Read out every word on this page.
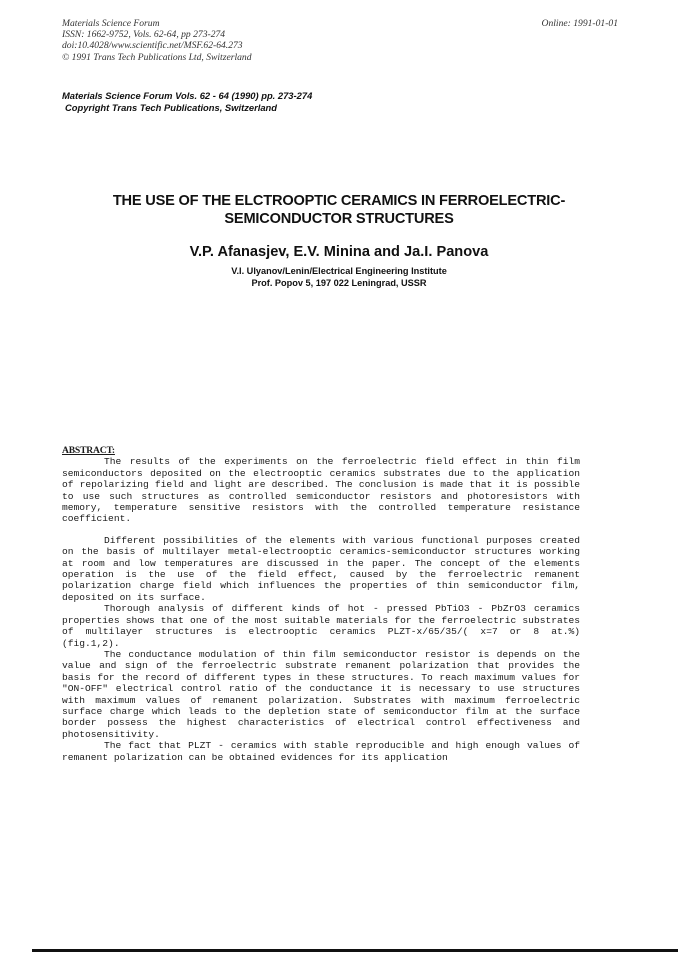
Materials Science Forum
ISSN: 1662-9752, Vols. 62-64, pp 273-274
doi:10.4028/www.scientific.net/MSF.62-64.273
© 1991 Trans Tech Publications Ltd, Switzerland
Online: 1991-01-01
Materials Science Forum Vols. 62 - 64 (1990) pp. 273-274
Copyright Trans Tech Publications, Switzerland
THE USE OF THE ELCTROOPTIC CERAMICS IN FERROELECTRIC-
SEMICONDUCTOR STRUCTURES
V.P. Afanasjev, E.V. Minina and Ja.I. Panova
V.I. Ulyanov/Lenin/Electrical Engineering Institute
Prof. Popov 5, 197 022 Leningrad, USSR
ABSTRACT:

The results of the experiments on the ferroelectric field effect in thin film semiconductors deposited on the electrooptic ceramics substrates due to the application of repolarizing field and light are described. The conclusion is made that it is possible to use such structures as controlled semiconductor resistors and photoresistors with memory, temperature sensitive resistors with the controlled temperature resistance coefficient.

Different possibilities of the elements with various functional purposes created on the basis of multilayer metal-electrooptic ceramics-semiconductor structures working at room and low temperatures are discussed in the paper. The concept of the elements operation is the use of the field effect, caused by the ferroelectric remanent polarization charge field which influences the properties of thin semiconductor film, deposited on its surface.

Thorough analysis of different kinds of hot - pressed PbTiO3 - PbZrO3 ceramics properties shows that one of the most suitable materials for the ferroelectric substrates of multilayer structures is electrooptic ceramics PLZT-x/65/35/( x=7 or 8 at.%) (fig.1,2).

The conductance modulation of thin film semiconductor resistor is depends on the value and sign of the ferroelectric substrate remanent polarization that provides the basis for the record of different types in these structures. To reach maximum values for "ON-OFF" electrical control ratio of the conductance it is necessary to use structures with maximum values of remanent polarization. Substrates with maximum ferroelectric surface charge which leads to the depletion state of semiconductor film at the surface border possess the highest characteristics of electrical control effectiveness and photosensitivity.

The fact that PLZT - ceramics with stable reproducible and high enough values of remanent polarization can be obtained evidences for its application
